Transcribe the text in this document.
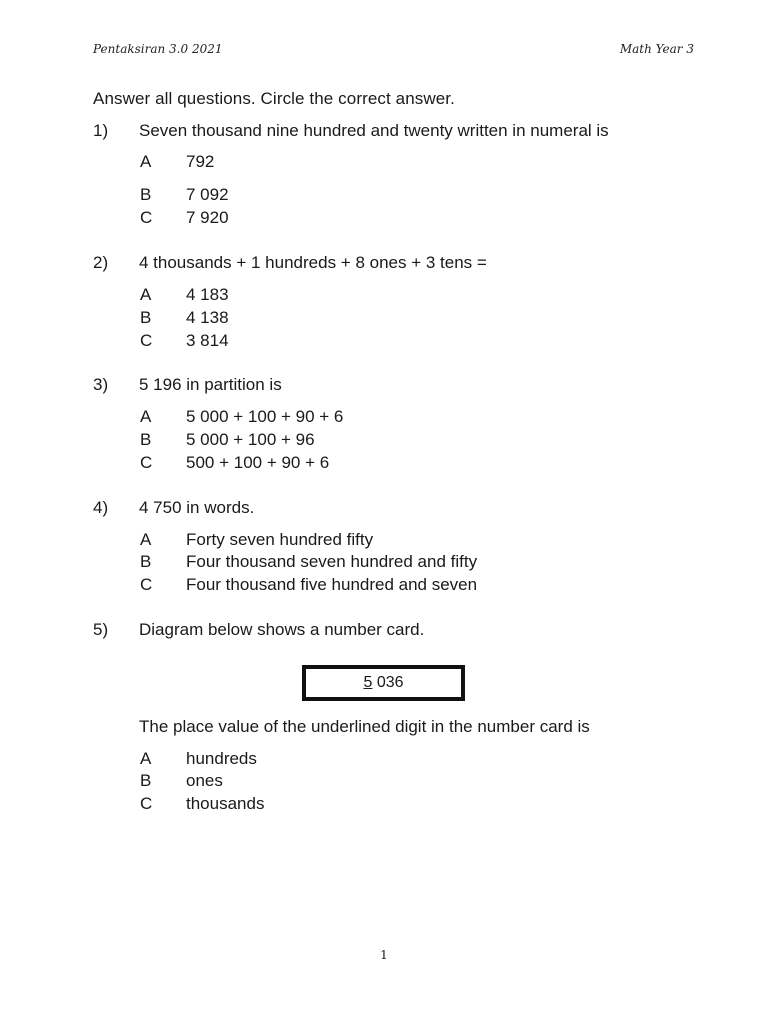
Pentaksiran 3.0 2021	Math Year 3
Answer all questions. Circle the correct answer.
1) Seven thousand nine hundred and twenty written in numeral is
A 792
B 7 092
C 7 920
2) 4 thousands + 1 hundreds + 8 ones + 3 tens =
A 4 183
B 4 138
C 3 814
3) 5 196 in partition is
A 5 000 + 100 + 90 + 6
B 5 000 + 100 + 96
C 500 + 100 + 90 + 6
4) 4 750 in words.
A Forty seven hundred fifty
B Four thousand seven hundred and fifty
C Four thousand five hundred and seven
5) Diagram below shows a number card.
5 036
The place value of the underlined digit in the number card is
A hundreds
B ones
C thousands
1
